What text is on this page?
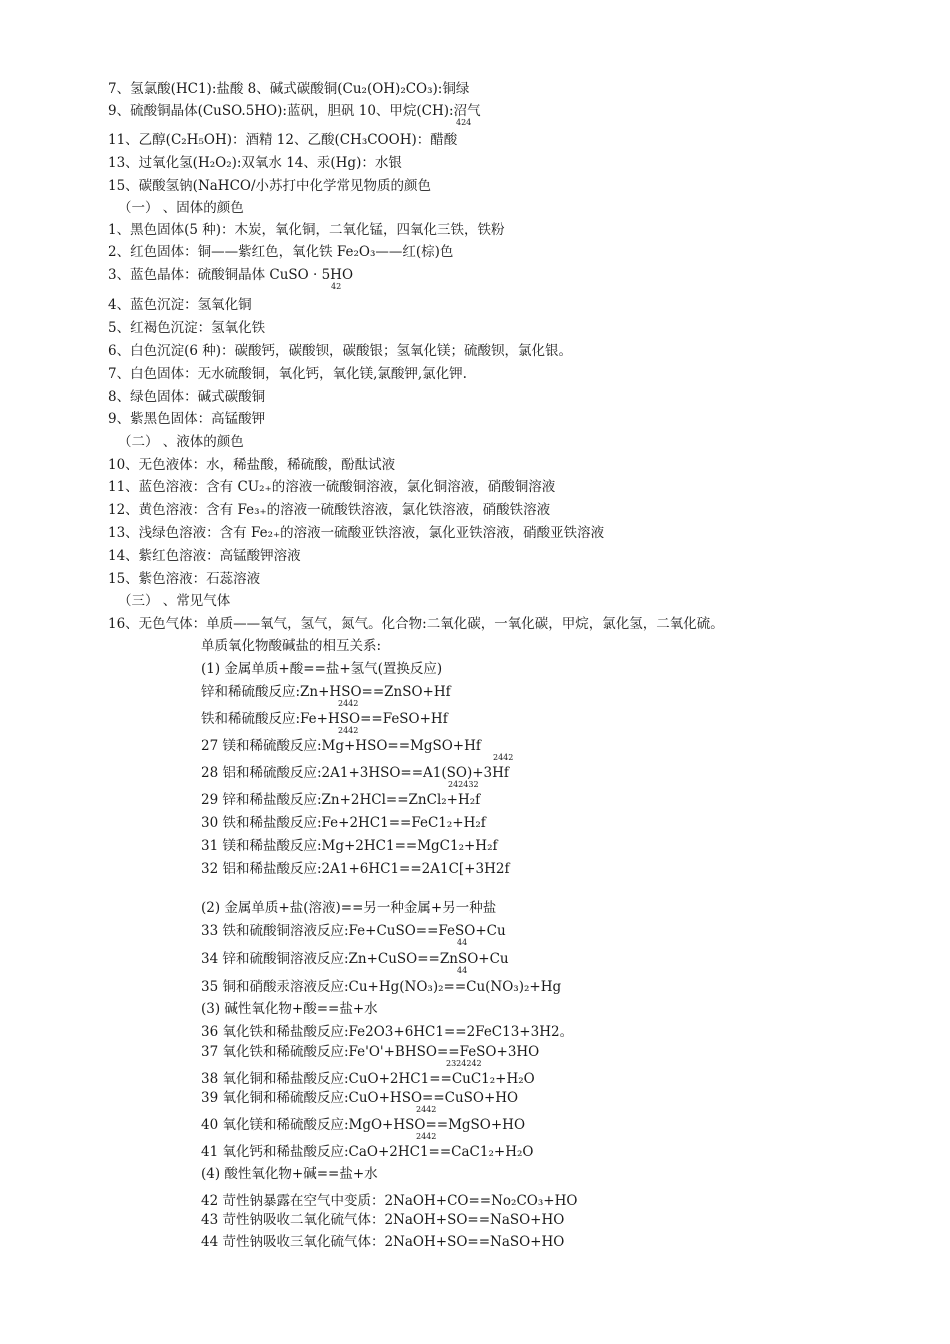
7、氢氯酸(HC1):盐酸 8、碱式碳酸铜(Cu₂(OH)₂CO₃):铜绿
9、硫酸铜晶体(CuSO.5HO):蓝矾，胆矾 10、甲烷(CH):沼气
424
11、乙醇(C₂H₅OH)：酒精 12、乙酸(CH₃COOH)：醋酸
13、过氧化氢(H₂O₂):双氧水 14、汞(Hg)：水银
15、碳酸氢钠(NaHCO/小苏打中化学常见物质的颜色
（一） 、固体的颜色
1、黑色固体(5 种)：木炭，氧化铜，二氧化锰，四氧化三铁，铁粉
2、红色固体：铜——紫红色，氧化铁 Fe₂O₃——红(棕)色
3、蓝色晶体：硫酸铜晶体 CuSO · 5HO
42
4、蓝色沉淀：氢氧化铜
5、红褐色沉淀：氢氧化铁
6、白色沉淀(6 种)：碳酸钙，碳酸钡，碳酸银；氢氧化镁；硫酸钡，氯化银。
7、白色固体：无水硫酸铜，氧化钙，氧化镁,氯酸钾,氯化钾.
8、绿色固体：碱式碳酸铜
9、紫黑色固体：高锰酸钾
（二） 、液体的颜色
10、无色液体：水，稀盐酸，稀硫酸，酚酞试液
11、蓝色溶液：含有 CU₂₊的溶液一硫酸铜溶液，氯化铜溶液，硝酸铜溶液
12、黄色溶液：含有 Fe₃₊的溶液一硫酸铁溶液，氯化铁溶液，硝酸铁溶液
13、浅绿色溶液：含有 Fe₂₊的溶液一硫酸亚铁溶液，氯化亚铁溶液，硝酸亚铁溶液
14、紫红色溶液：高锰酸钾溶液
15、紫色溶液：石蕊溶液
（三） 、常见气体
16、无色气体：单质——氧气，氢气，氮气。化合物:二氧化碳，一氧化碳，甲烷，氯化氢，二氧化硫。
单质氧化物酸碱盐的相互关系:
(1) 金属单质+酸==盐+氢气(置换反应)
锌和稀硫酸反应:Zn+HSO==ZnSO+Hf
2442
铁和稀硫酸反应:Fe+HSO==FeSO+Hf
2442
27 镁和稀硫酸反应:Mg+HSO==MgSO+Hf
2442
28 铝和稀硫酸反应:2A1+3HSO==A1(SO)+3Hf
242432
29 锌和稀盐酸反应:Zn+2HCl==ZnCl₂+H₂f
30 铁和稀盐酸反应:Fe+2HC1==FeC1₂+H₂f
31 镁和稀盐酸反应:Mg+2HC1==MgC1₂+H₂f
32 铝和稀盐酸反应:2A1+6HC1==2A1C[+3H2f
(2) 金属单质+盐(溶液)==另一种金属+另一种盐
33 铁和硫酸铜溶液反应:Fe+CuSO==FeSO+Cu
44
34 锌和硫酸铜溶液反应:Zn+CuSO==ZnSO+Cu
44
35 铜和硝酸汞溶液反应:Cu+Hg(NO₃)₂==Cu(NO₃)₂+Hg
(3) 碱性氧化物+酸==盐+水
36 氧化铁和稀盐酸反应:Fe2O3+6HC1==2FeC13+3H2。
37 氧化铁和稀硫酸反应:Fe'O'+BHSO==FeSO+3HO
2324242
38 氧化铜和稀盐酸反应:CuO+2HC1==CuC1₂+H₂O
39 氧化铜和稀硫酸反应:CuO+HSO==CuSO+HO
2442
40 氧化镁和稀硫酸反应:MgO+HSO==MgSO+HO
2442
41 氧化钙和稀盐酸反应:CaO+2HC1==CaC1₂+H₂O
(4) 酸性氧化物+碱==盐+水
42 苛性钠暴露在空气中变质：2NaOH+CO==No₂CO₃+HO
43 苛性钠吸收二氧化硫气体：2NaOH+SO==NaSO+HO
44 苛性钠吸收三氧化硫气体：2NaOH+SO==NaSO+HO
